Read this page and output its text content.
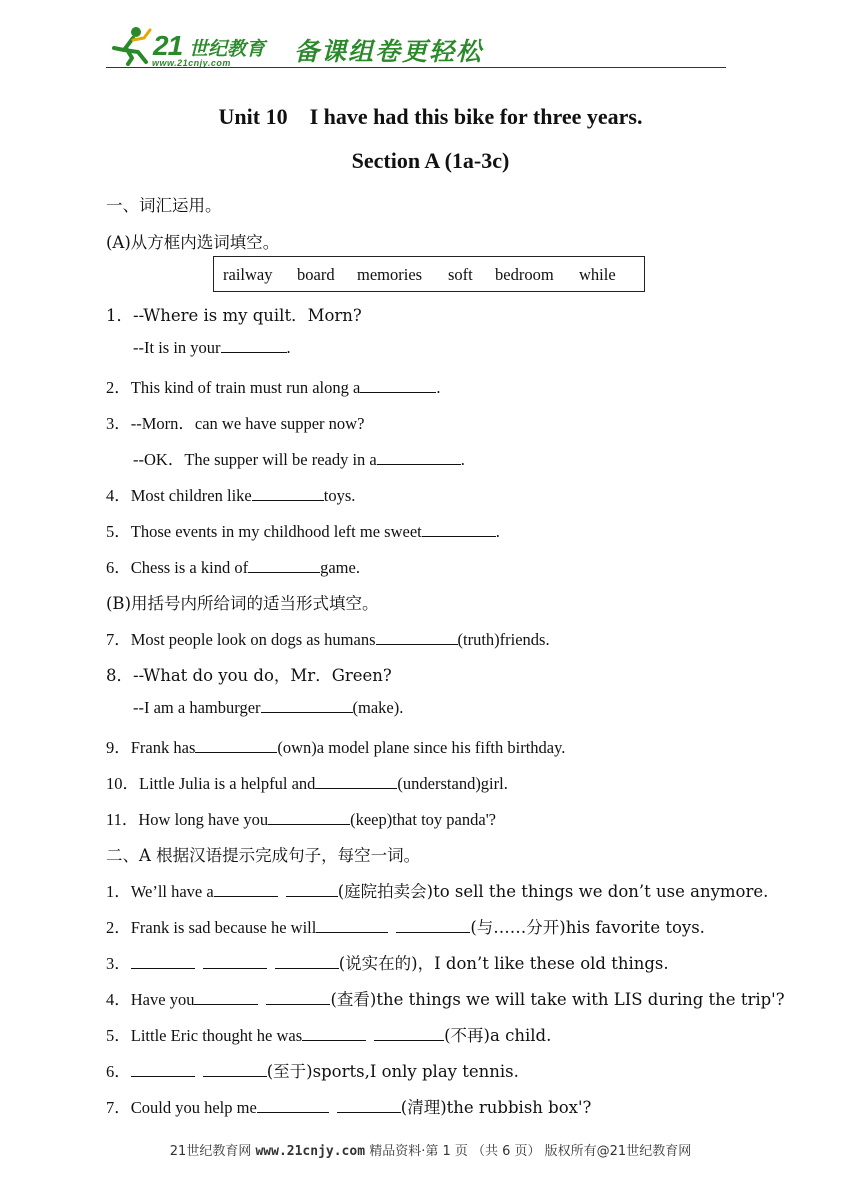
21 世纪教育
www.21cnjy.com	备课组卷更轻松
Unit 10　I have had this bike for three years.
Section A (1a-3c)
一、词汇运用。
(A)从方框内选词填空。
railway board memories soft bedroom while
1．--Where is my quilt．Morn?
--It is in your	.
2．This kind of train must run along a	.
3．--Morn．can we have supper now?
--OK．The supper will be ready in a	.
4．Most children like	toys.
5．Those events in my childhood left me sweet	.
6．Chess is a kind of	game.
(B)用括号内所给词的适当形式填空。
7．Most people look on dogs as humans	(truth)friends.
8．--What do you do，Mr．Green?
--I am a hamburger	(make).
9．Frank has	(own)a model plane since his fifth birthday.
10．Little Julia is a helpful and	(understand)girl.
11．How long have you	(keep)that toy panda'?
二、A 根据汉语提示完成句子，每空一词。
1．We’ll have a	(庭院拍卖会)to sell the things we don’t use anymore.
2．Frank is sad because he will	(与……分开)his favorite toys.
3．	(说实在的)，I don’t like these old things.
4．Have you	(查看)the things we will take with LIS during the trip'?
5．Little Eric thought he was	(不再)a child.
6．	(至于)sports,I only play tennis.
7．Could you help me	(清理)the rubbish box'?
21世纪教育网 www.21cnjy.com 精品资料·第 1 页 （共 6 页） 版权所有@21世纪教育网
